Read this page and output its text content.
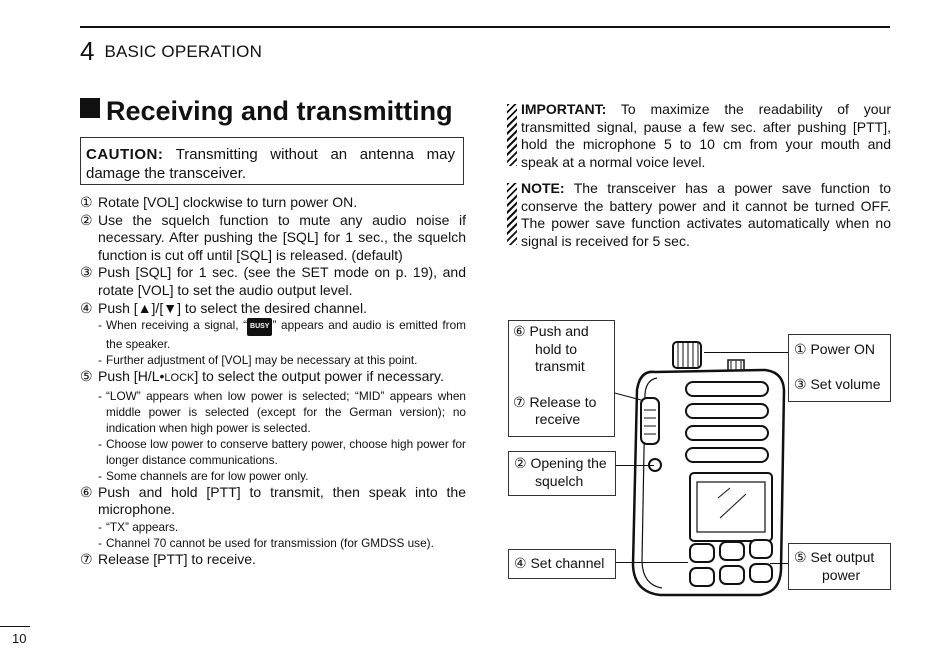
4 BASIC OPERATION
Receiving and transmitting
CAUTION: Transmitting without an antenna may damage the transceiver.
① Rotate [VOL] clockwise to turn power ON.
② Use the squelch function to mute any audio noise if necessary. After pushing the [SQL] for 1 sec., the squelch function is cut off until [SQL] is released. (default)
③ Push [SQL] for 1 sec. (see the SET mode on p. 19), and rotate [VOL] to set the audio output level.
④ Push [▲]/[▼] to select the desired channel.
- When receiving a signal, “ BUSY ” appears and audio is emitted from the speaker.
- Further adjustment of [VOL] may be necessary at this point.
⑤ Push [H/L•LOCK] to select the output power if necessary.
- “LOW” appears when low power is selected; “MID” appears when middle power is selected (except for the German version); no indication when high power is selected.
- Choose low power to conserve battery power, choose high power for longer distance communications.
- Some channels are for low power only.
⑥ Push and hold [PTT] to transmit, then speak into the microphone.
- “TX” appears.
- Channel 70 cannot be used for transmission (for GMDSS use).
⑦ Release [PTT] to receive.
IMPORTANT: To maximize the readability of your transmitted signal, pause a few sec. after pushing [PTT], hold the microphone 5 to 10 cm from your mouth and speak at a normal voice level.
NOTE: The transceiver has a power save function to conserve the battery power and it cannot be turned OFF. The power save function activates automatically when no signal is received for 5 sec.
⑥ Push and
hold to
transmit
⑦ Release to
receive
② Opening the
squelch
④ Set channel
① Power ON
③ Set volume
⑤ Set output
power
10
